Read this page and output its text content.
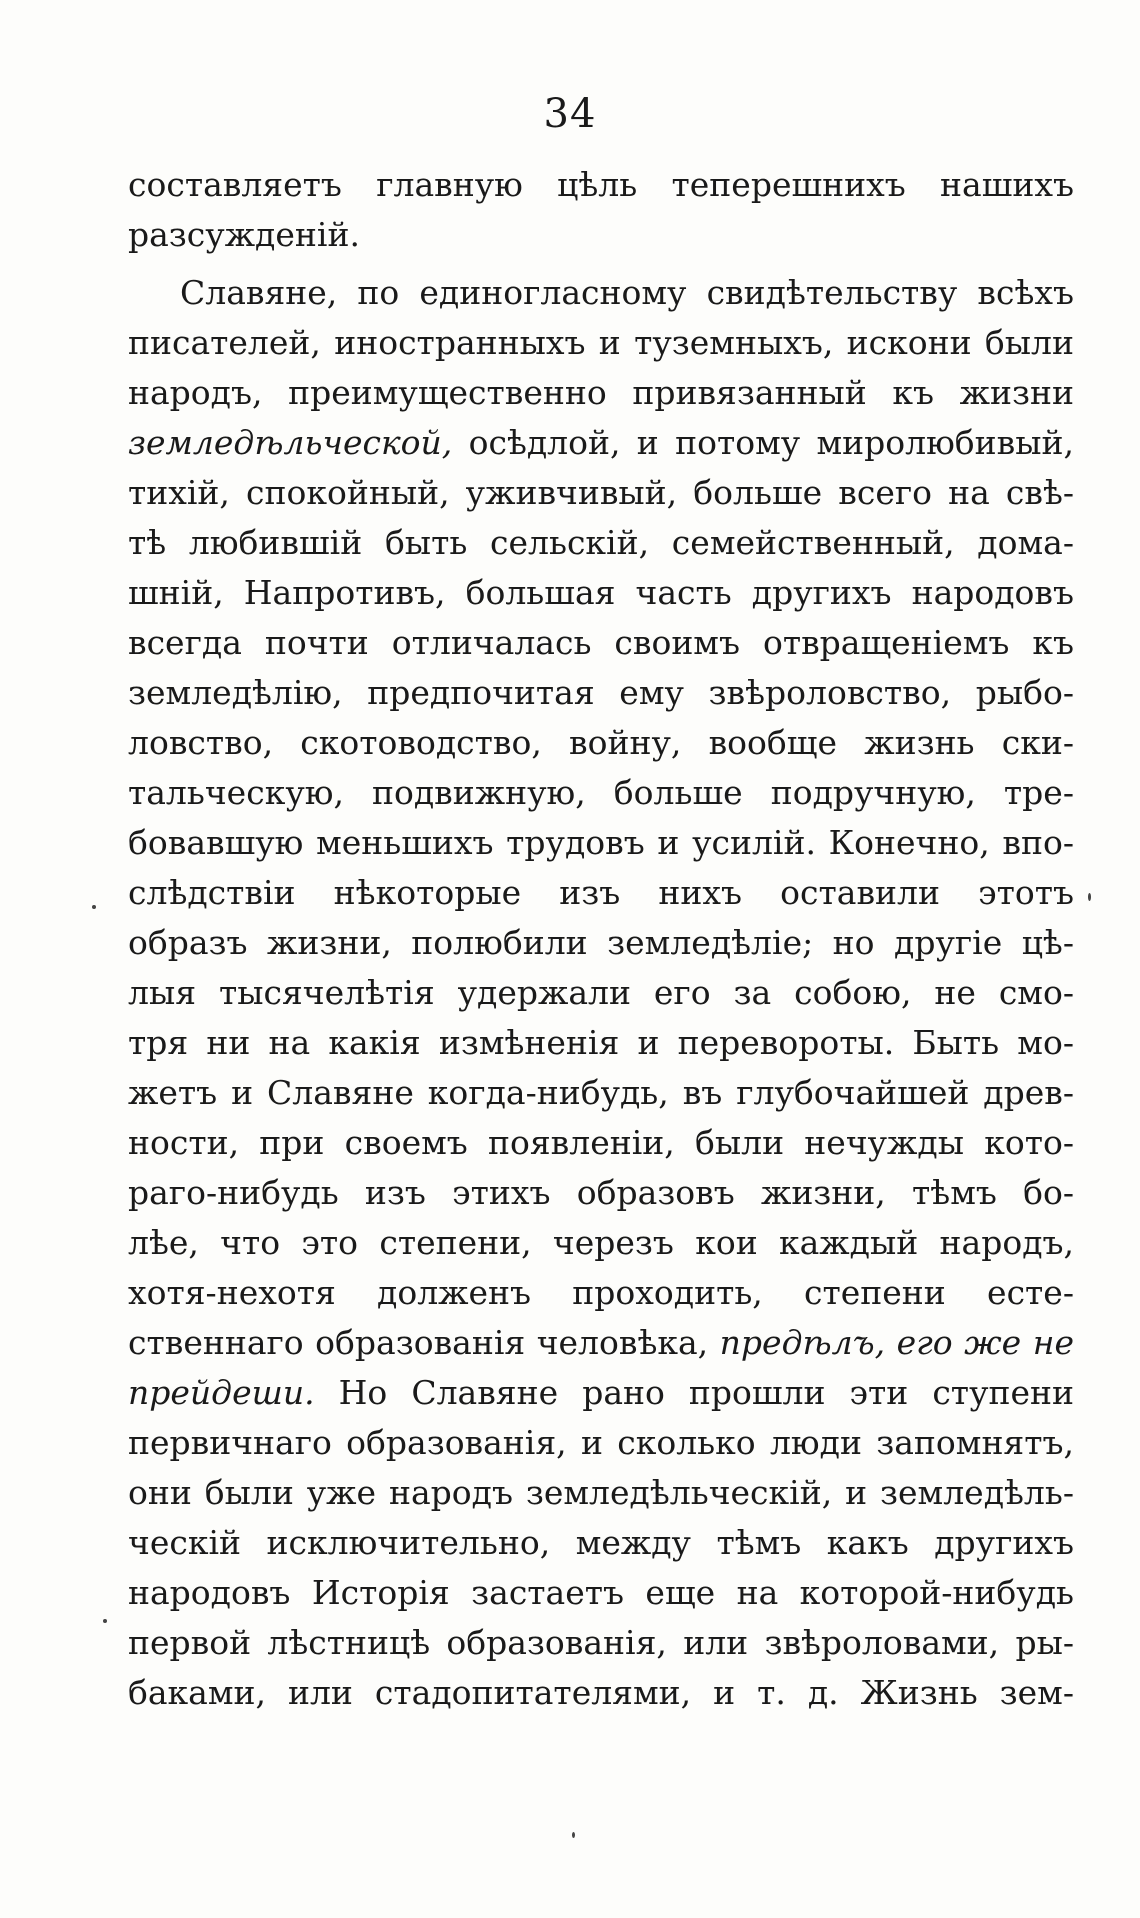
34
составляетъ главную цѣль теперешнихъ нашихъ
разсужденій.
Славяне, по единогласному свидѣтельству всѣхъ
писателей, иностранныхъ и туземныхъ, искони были
народъ, преимущественно привязанный къ жизни
земледѣльческой, осѣдлой, и потому миролюбивый,
тихій, спокойный, уживчивый, больше всего на свѣ-
тѣ любившій быть сельскій, семейственный, дома-
шній, Напротивъ, большая часть другихъ народовъ
всегда почти отличалась своимъ отвращеніемъ къ
земледѣлію, предпочитая ему звѣроловство, рыбо-
ловство, скотоводство, войну, вообще жизнь ски-
тальческую, подвижную, больше подручную, тре-
бовавшую меньшихъ трудовъ и усилій. Конечно, впо-
слѣдствіи нѣкоторые изъ нихъ оставили этотъ
образъ жизни, полюбили земледѣліе; но другіе цѣ-
лыя тысячелѣтія удержали его за собою, не смо-
тря ни на какія измѣненія и перевороты. Быть мо-
жетъ и Славяне когда-нибудь, въ глубочайшей древ-
ности, при своемъ появленіи, были нечужды кото-
раго-нибудь изъ этихъ образовъ жизни, тѣмъ бо-
лѣе, что это степени, черезъ кои каждый народъ,
хотя-нехотя долженъ проходить, степени есте-
ственнаго образованія человѣка, предѣлъ, его же не
прейдеши. Но Славяне рано прошли эти ступени
первичнаго образованія, и сколько люди запомнятъ,
они были уже народъ земледѣльческій, и земледѣль-
ческій исключительно, между тѣмъ какъ другихъ
народовъ Исторія застаетъ еще на которой-нибудь
первой лѣстницѣ образованія, или звѣроловами, ры-
баками, или стадопитателями, и т. д. Жизнь зем-
